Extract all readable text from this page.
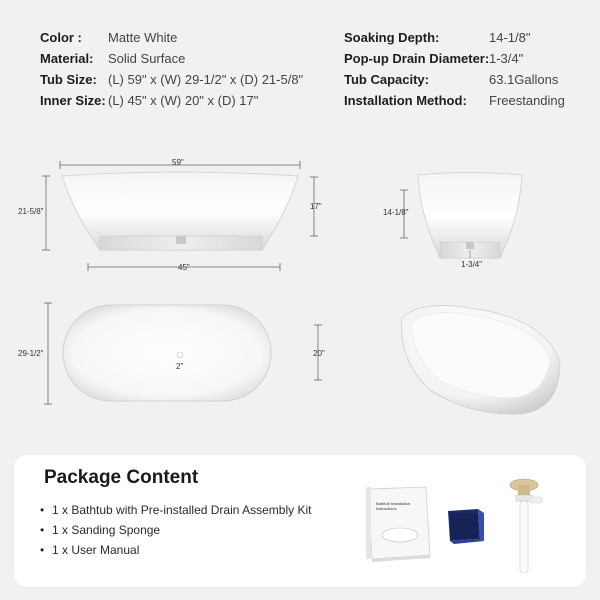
Color : Matte White
Material: Solid Surface
Tub Size: (L) 59" x (W) 29-1/2" x (D) 21-5/8"
Inner Size: (L) 45" x (W) 20" x (D) 17"
Soaking Depth:	14-1/8"
Pop-up Drain Diameter: 1-3/4"
Tub Capacity:	63.1Gallons
Installation Method: Freestanding
59"
21-5/8"
17"
45"
14-1/8"
1-3/4"
29-1/2"	20"
2"
Package Content
• 1 x Bathtub with Pre-installed Drain Assembly Kit
• 1 x Sanding Sponge
• 1 x User Manual
Bathtub Installation Instructions
